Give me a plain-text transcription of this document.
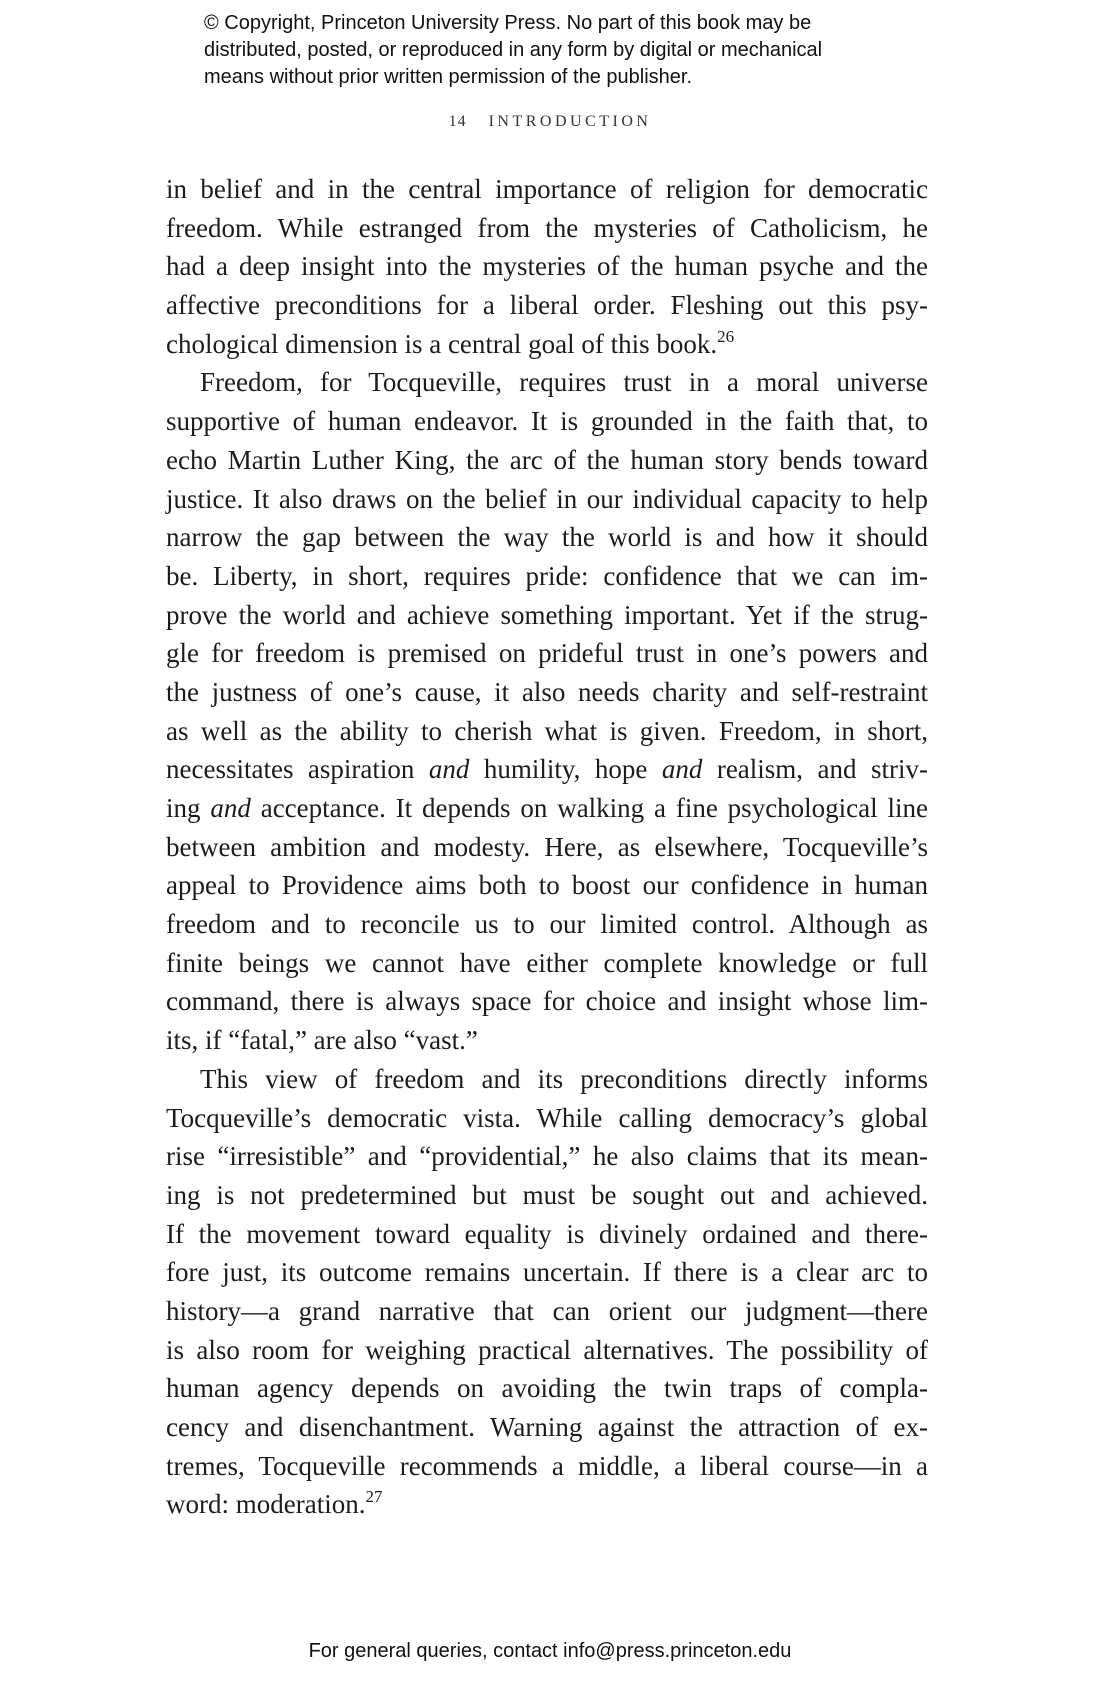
© Copyright, Princeton University Press. No part of this book may be
distributed, posted, or reproduced in any form by digital or mechanical
means without prior written permission of the publisher.
14 INTRODUCTION
in belief and in the central importance of religion for democratic
freedom. While estranged from the mysteries of Catholicism, he
had a deep insight into the mysteries of the human psyche and the
affective preconditions for a liberal order. Fleshing out this psy-
chological dimension is a central goal of this book.$^{26}$
Freedom, for Tocqueville, requires trust in a moral universe
supportive of human endeavor. It is grounded in the faith that, to
echo Martin Luther King, the arc of the human story bends toward
justice. It also draws on the belief in our individual capacity to help
narrow the gap between the way the world is and how it should
be. Liberty, in short, requires pride: confidence that we can im-
prove the world and achieve something important. Yet if the strug-
gle for freedom is premised on prideful trust in one’s powers and
the justness of one’s cause, it also needs charity and self-restraint
as well as the ability to cherish what is given. Freedom, in short,
necessitates aspiration and humility, hope and realism, and striv-
ing and acceptance. It depends on walking a fine psychological line
between ambition and modesty. Here, as elsewhere, Tocqueville’s
appeal to Providence aims both to boost our confidence in human
freedom and to reconcile us to our limited control. Although as
finite beings we cannot have either complete knowledge or full
command, there is always space for choice and insight whose lim-
its, if “fatal,” are also “vast.”
This view of freedom and its preconditions directly informs
Tocqueville’s democratic vista. While calling democracy’s global
rise “irresistible” and “providential,” he also claims that its mean-
ing is not predetermined but must be sought out and achieved.
If the movement toward equality is divinely ordained and there-
fore just, its outcome remains uncertain. If there is a clear arc to
history—a grand narrative that can orient our judgment—there
is also room for weighing practical alternatives. The possibility of
human agency depends on avoiding the twin traps of compla-
cency and disenchantment. Warning against the attraction of ex-
tremes, Tocqueville recommends a middle, a liberal course—in a
word: moderation.$^{27}$
For general queries, contact info@press.princeton.edu
